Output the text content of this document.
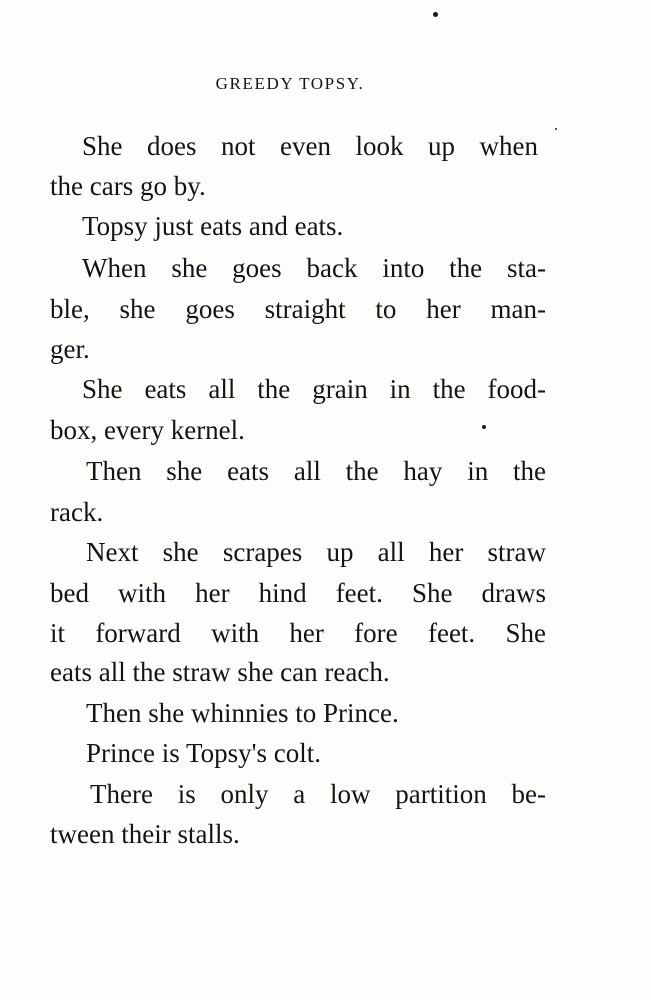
GREEDY TOPSY.
She does not even look up when
the cars go by.
Topsy just eats and eats.
When she goes back into the sta-
ble, she goes straight to her man-
ger.
She eats all the grain in the food-
box, every kernel.
Then she eats all the hay in the
rack.
Next she scrapes up all her straw
bed with her hind feet. She draws
it forward with her fore feet. She
eats all the straw she can reach.
Then she whinnies to Prince.
Prince is Topsy's colt.
There is only a low partition be-
tween their stalls.
